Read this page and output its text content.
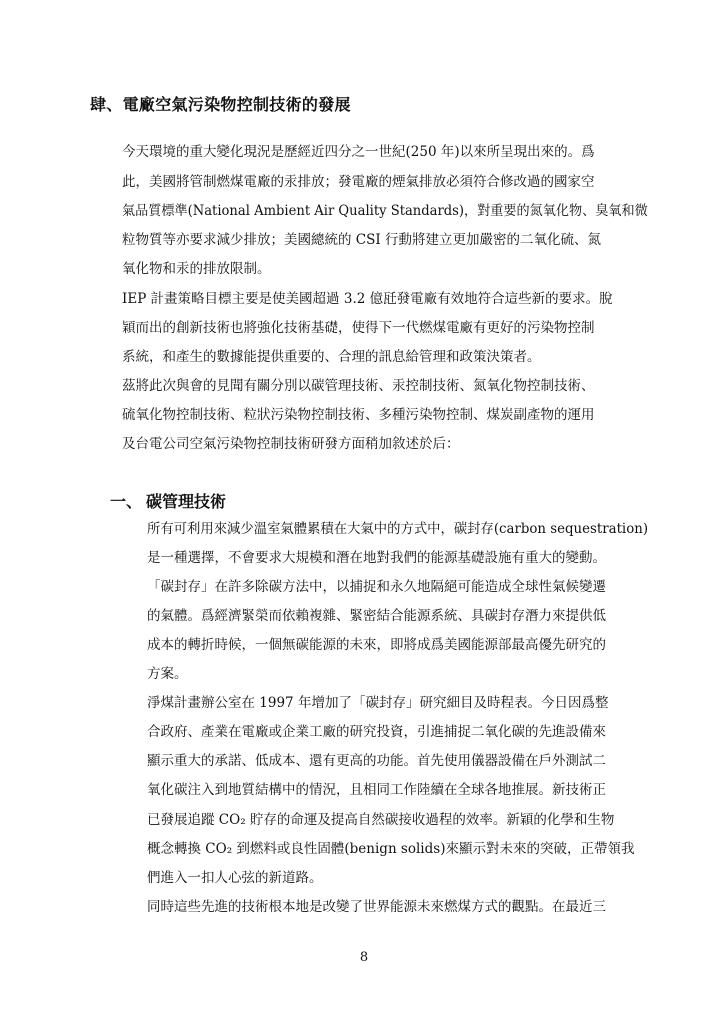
肆、電廠空氣污染物控制技術的發展
今天環境的重大變化現況是歷經近四分之一世紀(250 年)以來所呈現出來的。爲
此，美國將管制燃煤電廠的汞排放；發電廠的煙氣排放必須符合修改過的國家空
氣品質標準(National Ambient Air Quality Standards)，對重要的氮氧化物、臭氧和微
粒物質等亦要求減少排放；美國總統的 CSI 行動將建立更加嚴密的二氧化硫、氮
氧化物和汞的排放限制。
IEP 計畫策略目標主要是使美國超過 3.2 億瓩發電廠有效地符合這些新的要求。脫
穎而出的創新技術也將強化技術基礎，使得下一代燃煤電廠有更好的污染物控制
系統，和產生的數據能提供重要的、合理的訊息給管理和政策決策者。
茲將此次與會的見聞有關分別以碳管理技術、汞控制技術、氮氧化物控制技術、
硫氧化物控制技術、粒狀污染物控制技術、多種污染物控制、煤炭副產物的運用
及台電公司空氣污染物控制技術研發方面稍加敘述於后：
一、 碳管理技術
所有可利用來減少溫室氣體累積在大氣中的方式中，碳封存(carbon sequestration)
是一種選擇，不會要求大規模和潛在地對我們的能源基礎設施有重大的變動。
「碳封存」在許多除碳方法中，以捕捉和永久地隔絕可能造成全球性氣候變遷
的氣體。爲經濟緊榮而依賴複雜、緊密結合能源系統、具碳封存潛力來提供低
成本的轉折時候，一個無碳能源的未來，即將成爲美國能源部最高優先研究的
方案。
淨煤計畫辦公室在 1997 年增加了「碳封存」研究細目及時程表。今日因爲整
合政府、產業在電廠或企業工廠的研究投資，引進捕捉二氧化碳的先進設備來
顯示重大的承諾、低成本、還有更高的功能。首先使用儀器設備在戶外測試二
氧化碳注入到地質結構中的情況，且相同工作陸續在全球各地推展。新技術正
已發展追蹤 CO₂ 貯存的命運及提高自然碳接收過程的效率。新穎的化學和生物
概念轉換 CO₂ 到燃料或良性固體(benign solids)來顯示對未來的突破，正帶領我
們進入一扣人心弦的新道路。
同時這些先進的技術根本地是改變了世界能源未來燃煤方式的觀點。在最近三
8
